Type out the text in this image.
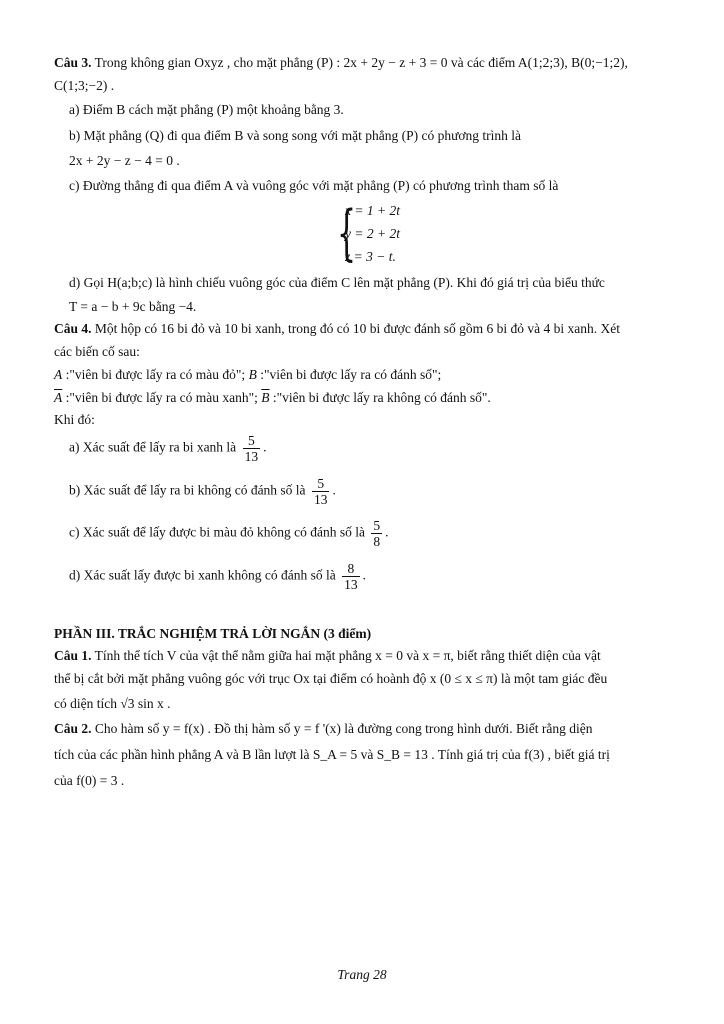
Câu 3. Trong không gian Oxyz , cho mặt phẳng (P) : 2x + 2y − z + 3 = 0 và các điểm A(1;2;3), B(0;−1;2),
C(1;3;−2) .
a) Điểm B cách mặt phẳng (P) một khoảng bằng 3.
b) Mặt phẳng (Q) đi qua điểm B và song song với mặt phẳng (P) có phương trình là
2x + 2y − z − 4 = 0 .
c) Đường thẳng đi qua điểm A và vuông góc với mặt phẳng (P) có phương trình tham số là
{
x = 1 + 2t
y = 2 + 2t
z = 3 − t.
d) Gọi H(a;b;c) là hình chiếu vuông góc của điểm C lên mặt phẳng (P). Khi đó giá trị của biểu thức
T = a − b + 9c bằng −4.
Câu 4. Một hộp có 16 bi đỏ và 10 bi xanh, trong đó có 10 bi được đánh số gồm 6 bi đỏ và 4 bi xanh. Xét
các biến cố sau:
A :"viên bi được lấy ra có màu đỏ"; B :"viên bi được lấy ra có đánh số";
$\overline{A}$ :"viên bi được lấy ra có màu xanh"; $\overline{B}$ :"viên bi được lấy ra không có đánh số".
Khi đó:
a) Xác suất để lấy ra bi xanh là $\frac{5}{13}$ .
b) Xác suất để lấy ra bi không có đánh số là $\frac{5}{13}$ .
c) Xác suất để lấy được bi màu đỏ không có đánh số là $\frac{5}{8}$ .
d) Xác suất lấy được bi xanh không có đánh số là $\frac{8}{13}$ .
PHẦN III. TRẮC NGHIỆM TRẢ LỜI NGẮN (3 điểm)
Câu 1. Tính thể tích V của vật thể nằm giữa hai mặt phẳng x = 0 và x = π, biết rằng thiết diện của vật
thể bị cắt bởi mặt phẳng vuông góc với trục Ox tại điểm có hoành độ x (0 ≤ x ≤ π) là một tam giác đều
có diện tích √3 sin x .
Câu 2. Cho hàm số y = f(x) . Đồ thị hàm số y = f '(x) là đường cong trong hình dưới. Biết rằng diện
tích của các phần hình phẳng A và B lần lượt là S_A = 5 và S_B = 13 . Tính giá trị của f(3) , biết giá trị
của f(0) = 3 .
Trang 28
